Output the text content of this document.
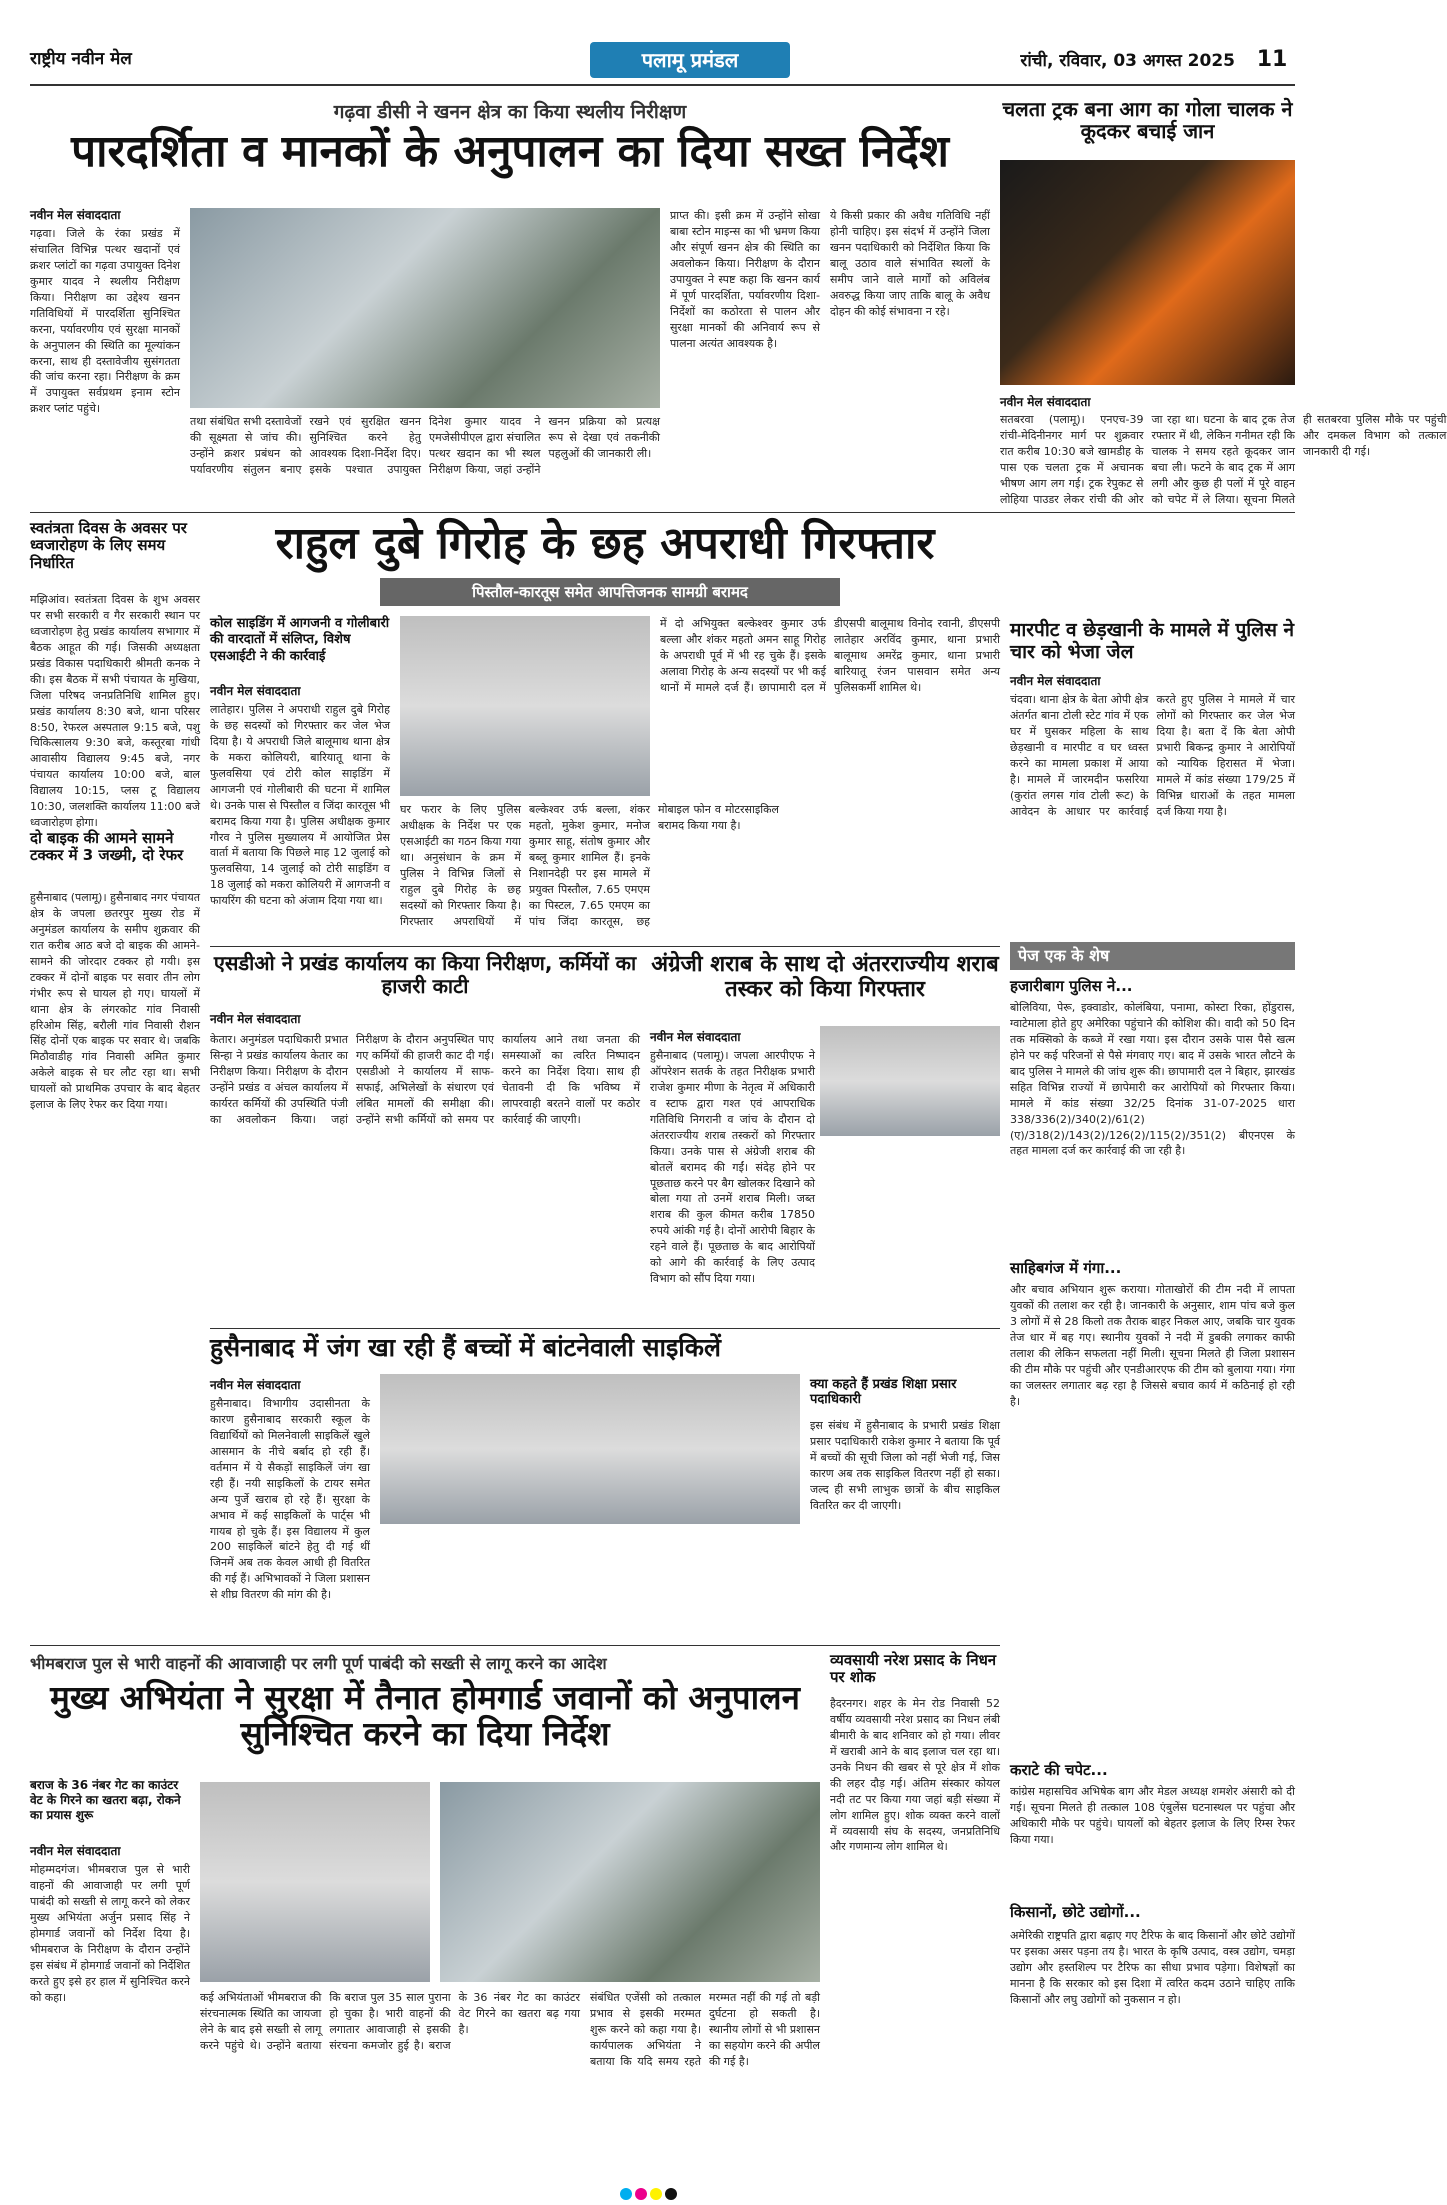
राष्ट्रीय नवीन मेल	पलामू प्रमंडल	रांची, रविवार, 03 अगस्त 2025 11
गढ़वा डीसी ने खनन क्षेत्र का किया स्थलीय निरीक्षण
पारदर्शिता व मानकों के अनुपालन का दिया सख्त निर्देश
नवीन मेल संवाददाता
गढ़वा। जिले के रंका प्रखंड में संचालित विभिन्न पत्थर खदानों एवं क्रशर प्लांटों का गढ़वा उपायुक्त दिनेश कुमार यादव ने स्थलीय निरीक्षण किया। निरीक्षण का उद्देश्य खनन गतिविधियों में पारदर्शिता सुनिश्चित करना, पर्यावरणीय एवं सुरक्षा मानकों के अनुपालन की स्थिति का मूल्यांकन करना, साथ ही दस्तावेजीय सुसंगतता की जांच करना रहा। निरीक्षण के क्रम में उपायुक्त सर्वप्रथम इनाम स्टोन क्रशर प्लांट पहुंचे।
तथा संबंधित सभी दस्तावेजों की सूक्ष्मता से जांच की। उन्होंने क्रशर प्रबंधन को पर्यावरणीय संतुलन बनाए रखने एवं सुरक्षित खनन सुनिश्चित करने हेतु आवश्यक दिशा-निर्देश दिए। इसके पश्चात उपायुक्त दिनेश कुमार यादव ने एमजेसीपीएल द्वारा संचालित पत्थर खदान का भी स्थल निरीक्षण किया, जहां उन्होंने खनन प्रक्रिया को प्रत्यक्ष रूप से देखा एवं तकनीकी पहलुओं की जानकारी ली।
प्राप्त की। इसी क्रम में उन्होंने सोखा बाबा स्टोन माइन्स का भी भ्रमण किया और संपूर्ण खनन क्षेत्र की स्थिति का अवलोकन किया। निरीक्षण के दौरान उपायुक्त ने स्पष्ट कहा कि खनन कार्य में पूर्ण पारदर्शिता, पर्यावरणीय दिशा-निर्देशों का कठोरता से पालन और सुरक्षा मानकों की अनिवार्य रूप से पालना अत्यंत आवश्यक है।
ये किसी प्रकार की अवैध गतिविधि नहीं होनी चाहिए। इस संदर्भ में उन्होंने जिला खनन पदाधिकारी को निर्देशित किया कि बालू उठाव वाले संभावित स्थलों के समीप जाने वाले मार्गों को अविलंब अवरुद्ध किया जाए ताकि बालू के अवैध दोहन की कोई संभावना न रहे।
चलता ट्रक बना आग का गोला चालक ने कूदकर बचाई जान
नवीन मेल संवाददाता
सतबरवा (पलामू)। एनएच-39 रांची-मेदिनीनगर मार्ग पर शुक्रवार रात करीब 10:30 बजे खामडीह के पास एक चलता ट्रक में अचानक भीषण आग लग गई। ट्रक रेपुकट से लोहिया पाउडर लेकर रांची की ओर जा रहा था। घटना के बाद ट्रक तेज रफ्तार में थी, लेकिन गनीमत रही कि चालक ने समय रहते कूदकर जान बचा ली। फटने के बाद ट्रक में आग लगी और कुछ ही पलों में पूरे वाहन को चपेट में ले लिया। सूचना मिलते ही सतबरवा पुलिस मौके पर पहुंची और दमकल विभाग को तत्काल जानकारी दी गई।
स्वतंत्रता दिवस के अवसर पर ध्वजारोहण के लिए समय निर्धारित
मझिआंव। स्वतंत्रता दिवस के शुभ अवसर पर सभी सरकारी व गैर सरकारी स्थान पर ध्वजारोहण हेतु प्रखंड कार्यालय सभागार में बैठक आहूत की गई। जिसकी अध्यक्षता प्रखंड विकास पदाधिकारी श्रीमती कनक ने की। इस बैठक में सभी पंचायत के मुखिया, जिला परिषद जनप्रतिनिधि शामिल हुए। प्रखंड कार्यालय 8:30 बजे, थाना परिसर 8:50, रेफरल अस्पताल 9:15 बजे, पशु चिकित्सालय 9:30 बजे, कस्तूरबा गांधी आवासीय विद्यालय 9:45 बजे, नगर पंचायत कार्यालय 10:00 बजे, बाल विद्यालय 10:15, प्लस टू विद्यालय 10:30, जलशक्ति कार्यालय 11:00 बजे ध्वजारोहण होगा।
दो बाइक की आमने सामने टक्कर में 3 जख्मी, दो रेफर
हुसैनाबाद (पलामू)। हुसैनाबाद नगर पंचायत क्षेत्र के जपला छतरपुर मुख्य रोड में अनुमंडल कार्यालय के समीप शुक्रवार की रात करीब आठ बजे दो बाइक की आमने-सामने की जोरदार टक्कर हो गयी। इस टक्कर में दोनों बाइक पर सवार तीन लोग गंभीर रूप से घायल हो गए। घायलों में थाना क्षेत्र के लंगरकोट गांव निवासी हरिओम सिंह, बरौली गांव निवासी रौशन सिंह दोनों एक बाइक पर सवार थे। जबकि मिठौवाडीह गांव निवासी अमित कुमार अकेले बाइक से घर लौट रहा था। सभी घायलों को प्राथमिक उपचार के बाद बेहतर इलाज के लिए रेफर कर दिया गया।
राहुल दुबे गिरोह के छह अपराधी गिरफ्तार
पिस्तौल-कारतूस समेत आपत्तिजनक सामग्री बरामद
कोल साइडिंग में आगजनी व गोलीबारी की वारदातों में संलिप्त, विशेष एसआईटी ने की कार्रवाई
नवीन मेल संवाददाता
लातेहार। पुलिस ने अपराधी राहुल दुबे गिरोह के छह सदस्यों को गिरफ्तार कर जेल भेज दिया है। ये अपराधी जिले बालूमाथ थाना क्षेत्र के मकरा कोलियरी, बारियातू थाना के फुलवसिया एवं टोरी कोल साइडिंग में आगजनी एवं गोलीबारी की घटना में शामिल थे। उनके पास से पिस्तौल व जिंदा कारतूस भी बरामद किया गया है। पुलिस अधीक्षक कुमार गौरव ने पुलिस मुख्यालय में आयोजित प्रेस वार्ता में बताया कि पिछले माह 12 जुलाई को फुलवसिया, 14 जुलाई को टोरी साइडिंग व 18 जुलाई को मकरा कोलियरी में आगजनी व फायरिंग की घटना को अंजाम दिया गया था।
घर फरार के लिए पुलिस अधीक्षक के निर्देश पर एक एसआईटी का गठन किया गया था। अनुसंधान के क्रम में पुलिस ने विभिन्न जिलों से राहुल दुबे गिरोह के छह सदस्यों को गिरफ्तार किया है। गिरफ्तार अपराधियों में बल्केश्वर उर्फ बल्ला, शंकर महतो, मुकेश कुमार, मनोज कुमार साहू, संतोष कुमार और बब्लू कुमार शामिल हैं। इनके निशानदेही पर इस मामले में प्रयुक्त पिस्तौल, 7.65 एमएम का पिस्टल, 7.65 एमएम का पांच जिंदा कारतूस, छह मोबाइल फोन व मोटरसाइकिल बरामद किया गया है।
में दो अभियुक्त बल्केश्वर कुमार उर्फ बल्ला और शंकर महतो अमन साहू गिरोह के अपराधी पूर्व में भी रह चुके हैं। इसके अलावा गिरोह के अन्य सदस्यों पर भी कई थानों में मामले दर्ज हैं। छापामारी दल में डीएसपी बालूमाथ विनोद रवानी, डीएसपी लातेहार अरविंद कुमार, थाना प्रभारी बालूमाथ अमरेंद्र कुमार, थाना प्रभारी बारियातू रंजन पासवान समेत अन्य पुलिसकर्मी शामिल थे।
मारपीट व छेड़खानी के मामले में पुलिस ने चार को भेजा जेल
नवीन मेल संवाददाता
चंदवा। थाना क्षेत्र के बेता ओपी क्षेत्र अंतर्गत बाना टोली स्टेट गांव में एक घर में घुसकर महिला के साथ छेड़खानी व मारपीट व घर ध्वस्त करने का मामला प्रकाश में आया है। मामले में जारमदीन फसरिया (कुरांत लगस गांव टोली रूट) के आवेदन के आधार पर कार्रवाई करते हुए पुलिस ने मामले में चार लोगों को गिरफ्तार कर जेल भेज दिया है। बता दें कि बेता ओपी प्रभारी बिकन्द्र कुमार ने आरोपियों को न्यायिक हिरासत में भेजा। मामले में कांड संख्या 179/25 में विभिन्न धाराओं के तहत मामला दर्ज किया गया है।
पेज एक के शेष
हजारीबाग पुलिस ने...
बोलिविया, पेरू, इक्वाडोर, कोलंबिया, पनामा, कोस्टा रिका, होंडुरास, ग्वाटेमाला होते हुए अमेरिका पहुंचाने की कोशिश की। वादी को 50 दिन तक मक्सिको के कब्जे में रखा गया। इस दौरान उसके पास पैसे खत्म होने पर कई परिजनों से पैसे मंगवाए गए। बाद में उसके भारत लौटने के बाद पुलिस ने मामले की जांच शुरू की। छापामारी दल ने बिहार, झारखंड सहित विभिन्न राज्यों में छापेमारी कर आरोपियों को गिरफ्तार किया। मामले में कांड संख्या 32/25 दिनांक 31-07-2025 धारा 338/336(2)/340(2)/61(2)(ए)/318(2)/143(2)/126(2)/115(2)/351(2) बीएनएस के तहत मामला दर्ज कर कार्रवाई की जा रही है।
साहिबगंज में गंगा...
और बचाव अभियान शुरू कराया। गोताखोरों की टीम नदी में लापता युवकों की तलाश कर रही है। जानकारी के अनुसार, शाम पांच बजे कुल 3 लोगों में से 28 किलो तक तैराक बाहर निकल आए, जबकि चार युवक तेज धार में बह गए। स्थानीय युवकों ने नदी में डुबकी लगाकर काफी तलाश की लेकिन सफलता नहीं मिली। सूचना मिलते ही जिला प्रशासन की टीम मौके पर पहुंची और एनडीआरएफ की टीम को बुलाया गया। गंगा का जलस्तर लगातार बढ़ रहा है जिससे बचाव कार्य में कठिनाई हो रही है।
कराटे की चपेट...
कांग्रेस महासचिव अभिषेक बाग और मेडल अध्यक्ष शमशेर अंसारी को दी गई। सूचना मिलते ही तत्काल 108 एंबुलेंस घटनास्थल पर पहुंचा और अधिकारी मौके पर पहुंचे। घायलों को बेहतर इलाज के लिए रिम्स रेफर किया गया।
किसानों, छोटे उद्योगों...
अमेरिकी राष्ट्रपति द्वारा बढ़ाए गए टैरिफ के बाद किसानों और छोटे उद्योगों पर इसका असर पड़ना तय है। भारत के कृषि उत्पाद, वस्त्र उद्योग, चमड़ा उद्योग और हस्तशिल्प पर टैरिफ का सीधा प्रभाव पड़ेगा। विशेषज्ञों का मानना है कि सरकार को इस दिशा में त्वरित कदम उठाने चाहिए ताकि किसानों और लघु उद्योगों को नुकसान न हो।
एसडीओ ने प्रखंड कार्यालय का किया निरीक्षण, कर्मियों का हाजरी काटी
नवीन मेल संवाददाता
केतार। अनुमंडल पदाधिकारी प्रभात सिन्हा ने प्रखंड कार्यालय केतार का निरीक्षण किया। निरीक्षण के दौरान उन्होंने प्रखंड व अंचल कार्यालय में कार्यरत कर्मियों की उपस्थिति पंजी का अवलोकन किया। जहां निरीक्षण के दौरान अनुपस्थित पाए गए कर्मियों की हाजरी काट दी गई। एसडीओ ने कार्यालय में साफ-सफाई, अभिलेखों के संधारण एवं लंबित मामलों की समीक्षा की। उन्होंने सभी कर्मियों को समय पर कार्यालय आने तथा जनता की समस्याओं का त्वरित निष्पादन करने का निर्देश दिया। साथ ही चेतावनी दी कि भविष्य में लापरवाही बरतने वालों पर कठोर कार्रवाई की जाएगी।
अंग्रेजी शराब के साथ दो अंतरराज्यीय शराब तस्कर को किया गिरफ्तार
नवीन मेल संवाददाता
हुसैनाबाद (पलामू)। जपला आरपीएफ ने ऑपरेशन सतर्क के तहत निरीक्षक प्रभारी राजेश कुमार मीणा के नेतृत्व में अधिकारी व स्टाफ द्वारा गश्त एवं आपराधिक गतिविधि निगरानी व जांच के दौरान दो अंतरराज्यीय शराब तस्करों को गिरफ्तार किया। उनके पास से अंग्रेजी शराब की बोतलें बरामद की गईं। संदेह होने पर पूछताछ करने पर बैग खोलकर दिखाने को बोला गया तो उनमें शराब मिली। जब्त शराब की कुल कीमत करीब 17850 रुपये आंकी गई है। दोनों आरोपी बिहार के रहने वाले हैं। पूछताछ के बाद आरोपियों को आगे की कार्रवाई के लिए उत्पाद विभाग को सौंप दिया गया।
हुसैनाबाद में जंग खा रही हैं बच्चों में बांटनेवाली साइकिलें
नवीन मेल संवाददाता
हुसैनाबाद। विभागीय उदासीनता के कारण हुसैनाबाद सरकारी स्कूल के विद्यार्थियों को मिलनेवाली साइकिलें खुले आसमान के नीचे बर्बाद हो रही हैं। वर्तमान में ये सैकड़ों साइकिलें जंग खा रही हैं। नयी साइकिलों के टायर समेत अन्य पुर्जे खराब हो रहे हैं। सुरक्षा के अभाव में कई साइकिलों के पार्ट्स भी गायब हो चुके हैं। इस विद्यालय में कुल 200 साइकिलें बांटने हेतु दी गई थीं जिनमें अब तक केवल आधी ही वितरित की गई हैं। अभिभावकों ने जिला प्रशासन से शीघ्र वितरण की मांग की है।
क्या कहते हैं प्रखंड शिक्षा प्रसार पदाधिकारी
इस संबंध में हुसैनाबाद के प्रभारी प्रखंड शिक्षा प्रसार पदाधिकारी राकेश कुमार ने बताया कि पूर्व में बच्चों की सूची जिला को नहीं भेजी गई, जिस कारण अब तक साइकिल वितरण नहीं हो सका। जल्द ही सभी लाभुक छात्रों के बीच साइकिल वितरित कर दी जाएगी।
व्यवसायी नरेश प्रसाद के निधन पर शोक
हैदरनगर। शहर के मेन रोड निवासी 52 वर्षीय व्यवसायी नरेश प्रसाद का निधन लंबी बीमारी के बाद शनिवार को हो गया। लीवर में खराबी आने के बाद इलाज चल रहा था। उनके निधन की खबर से पूरे क्षेत्र में शोक की लहर दौड़ गई। अंतिम संस्कार कोयल नदी तट पर किया गया जहां बड़ी संख्या में लोग शामिल हुए। शोक व्यक्त करने वालों में व्यवसायी संघ के सदस्य, जनप्रतिनिधि और गणमान्य लोग शामिल थे।
भीमबराज पुल से भारी वाहनों की आवाजाही पर लगी पूर्ण पाबंदी को सख्ती से लागू करने का आदेश
मुख्य अभियंता ने सुरक्षा में तैनात होमगार्ड जवानों को अनुपालन सुनिश्चित करने का दिया निर्देश
बराज के 36 नंबर गेट का काउंटर वेट के गिरने का खतरा बढ़ा, रोकने का प्रयास शुरू
नवीन मेल संवाददाता
मोहम्मदगंज। भीमबराज पुल से भारी वाहनों की आवाजाही पर लगी पूर्ण पाबंदी को सख्ती से लागू करने को लेकर मुख्य अभियंता अर्जुन प्रसाद सिंह ने होमगार्ड जवानों को निर्देश दिया है। भीमबराज के निरीक्षण के दौरान उन्होंने इस संबंध में होमगार्ड जवानों को निर्देशित करते हुए इसे हर हाल में सुनिश्चित करने को कहा।	कई अभियंताओं भीमबराज की संरचनात्मक स्थिति का जायजा लेने के बाद इसे सख्ती से लागू करने पहुंचे थे। उन्होंने बताया कि बराज पुल 35 साल पुराना हो चुका है। भारी वाहनों की लगातार आवाजाही से इसकी संरचना कमजोर हुई है। बराज के 36 नंबर गेट का काउंटर वेट गिरने का खतरा बढ़ गया है।
संबंधित एजेंसी को तत्काल प्रभाव से इसकी मरम्मत शुरू करने को कहा गया है। कार्यपालक अभियंता ने बताया कि यदि समय रहते मरम्मत नहीं की गई तो बड़ी दुर्घटना हो सकती है। स्थानीय लोगों से भी प्रशासन का सहयोग करने की अपील की गई है।
